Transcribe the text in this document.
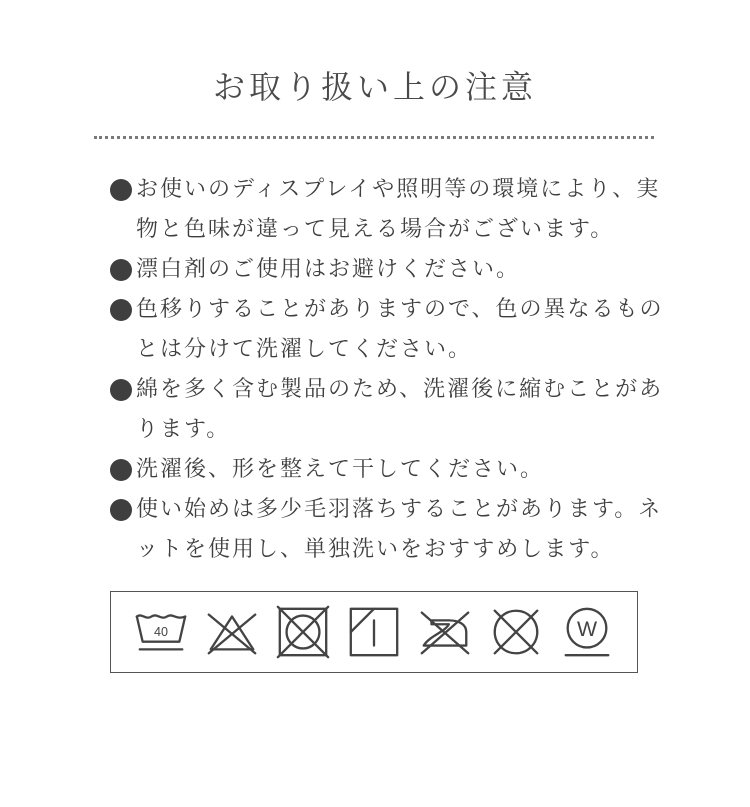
お取り扱い上の注意
お使いのディスプレイや照明等の環境により、実物と色味が違って見える場合がございます。
漂白剤のご使用はお避けください。
色移りすることがありますので、色の異なるものとは分けて洗濯してください。
綿を多く含む製品のため、洗濯後に縮むことがあります。
洗濯後、形を整えて干してください。
使い始めは多少毛羽落ちすることがあります。ネットを使用し、単独洗いをおすすめします。
40	W
